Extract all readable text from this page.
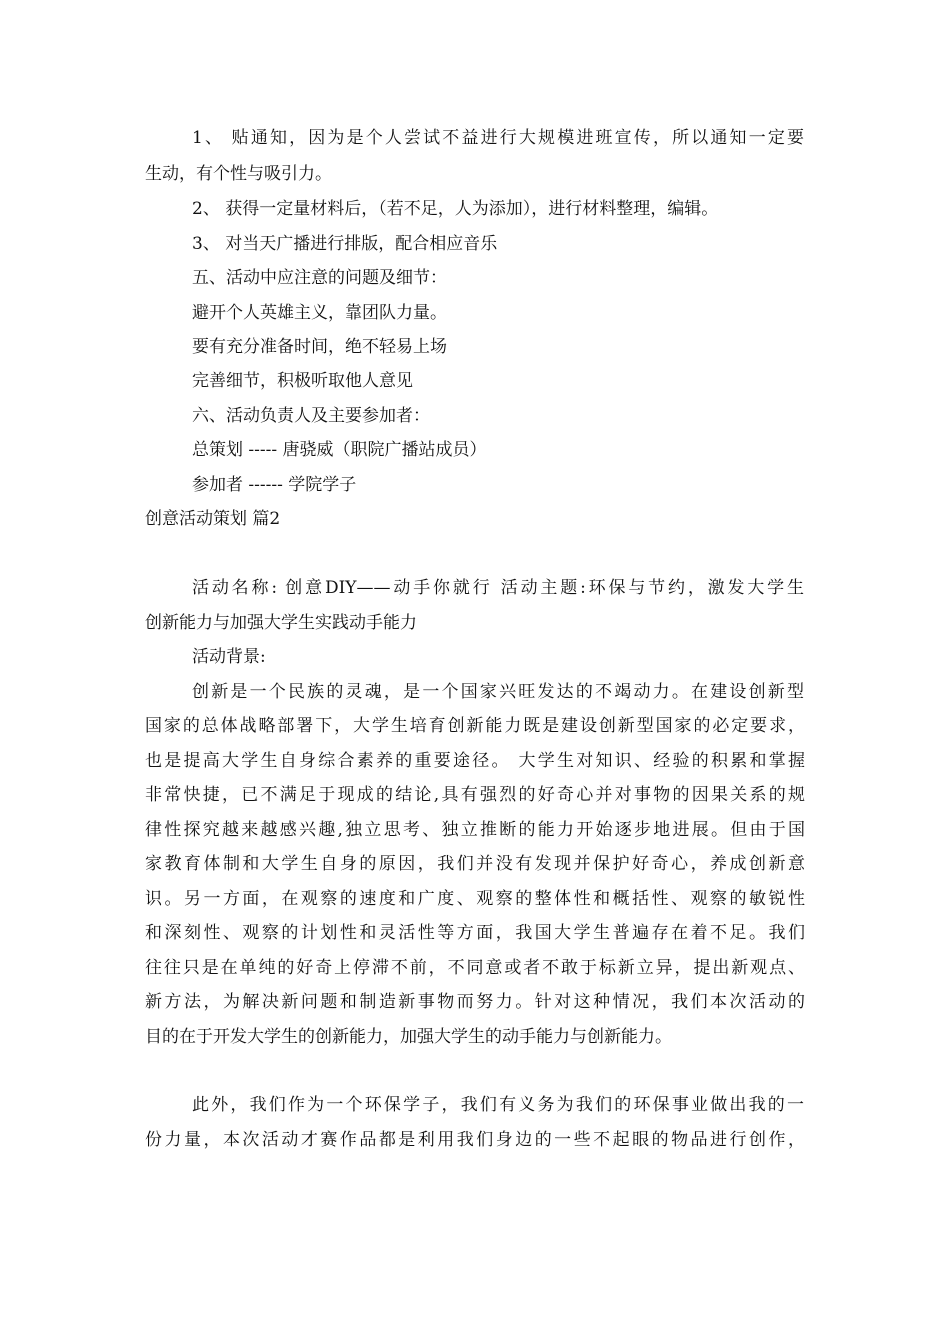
1、 贴通知，因为是个人尝试不益进行大规模进班宣传，所以通知一定要
生动，有个性与吸引力。
2、 获得一定量材料后，（若不足，人为添加），进行材料整理，编辑。
3、 对当天广播进行排版，配合相应音乐
五、活动中应注意的问题及细节：
避开个人英雄主义，靠团队力量。
要有充分准备时间，绝不轻易上场
完善细节，积极听取他人意见
六、活动负责人及主要参加者：
总策划 ----- 唐骁威（职院广播站成员）
参加者 ------ 学院学子
创意活动策划 篇2
活动名称: 创意DIY——动手你就行 活动主题:环保与节约，激发大学生
创新能力与加强大学生实践动手能力
活动背景:
创新是一个民族的灵魂，是一个国家兴旺发达的不竭动力。在建设创新型
国家的总体战略部署下，大学生培育创新能力既是建设创新型国家的必定要求，
也是提高大学生自身综合素养的重要途径。 大学生对知识、经验的积累和掌握
非常快捷，已不满足于现成的结论,具有强烈的好奇心并对事物的因果关系的规
律性探究越来越感兴趣,独立思考、独立推断的能力开始逐步地进展。但由于国
家教育体制和大学生自身的原因，我们并没有发现并保护好奇心，养成创新意
识。另一方面，在观察的速度和广度、观察的整体性和概括性、观察的敏锐性
和深刻性、观察的计划性和灵活性等方面，我国大学生普遍存在着不足。我们
往往只是在单纯的好奇上停滞不前，不同意或者不敢于标新立异，提出新观点、
新方法，为解决新问题和制造新事物而努力。针对这种情况，我们本次活动的
目的在于开发大学生的创新能力，加强大学生的动手能力与创新能力。
此外，我们作为一个环保学子，我们有义务为我们的环保事业做出我的一
份力量，本次活动才赛作品都是利用我们身边的一些不起眼的物品进行创作，
